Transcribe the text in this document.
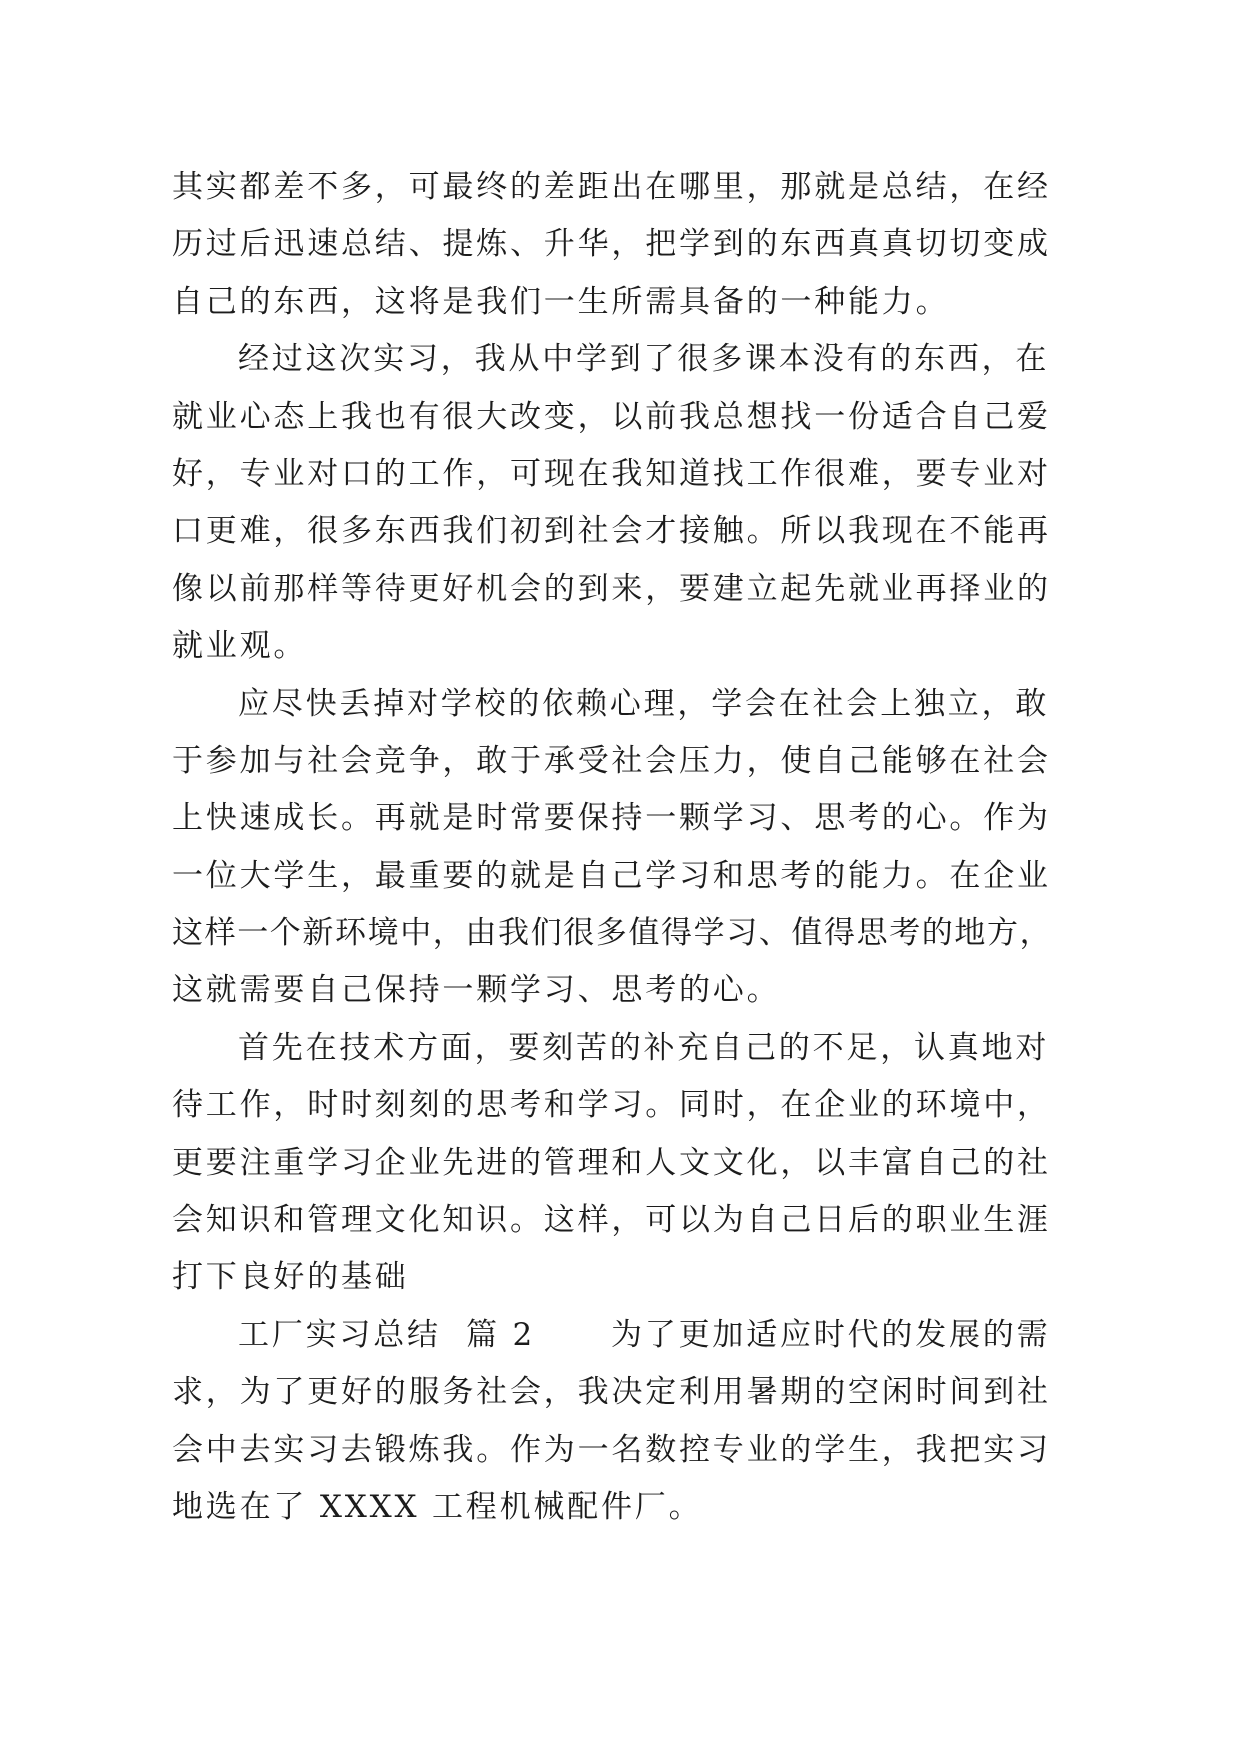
其实都差不多，可最终的差距出在哪里，那就是总结，在经
历过后迅速总结、提炼、升华，把学到的东西真真切切变成
自己的东西，这将是我们一生所需具备的一种能力。
经过这次实习，我从中学到了很多课本没有的东西，在
就业心态上我也有很大改变，以前我总想找一份适合自己爱
好，专业对口的工作，可现在我知道找工作很难，要专业对
口更难，很多东西我们初到社会才接触。所以我现在不能再
像以前那样等待更好机会的到来，要建立起先就业再择业的
就业观。
应尽快丢掉对学校的依赖心理，学会在社会上独立，敢
于参加与社会竞争，敢于承受社会压力，使自己能够在社会
上快速成长。再就是时常要保持一颗学习、思考的心。作为
一位大学生，最重要的就是自己学习和思考的能力。在企业
这样一个新环境中，由我们很多值得学习、值得思考的地方，
这就需要自己保持一颗学习、思考的心。
首先在技术方面，要刻苦的补充自己的不足，认真地对
待工作，时时刻刻的思考和学习。同时，在企业的环境中，
更要注重学习企业先进的管理和人文文化，以丰富自己的社
会知识和管理文化知识。这样，可以为自己日后的职业生涯
打下良好的基础
工厂实习总结  篇 2      为了更加适应时代的发展的需
求，为了更好的服务社会，我决定利用暑期的空闲时间到社
会中去实习去锻炼我。作为一名数控专业的学生，我把实习
地选在了 XXXX 工程机械配件厂。
